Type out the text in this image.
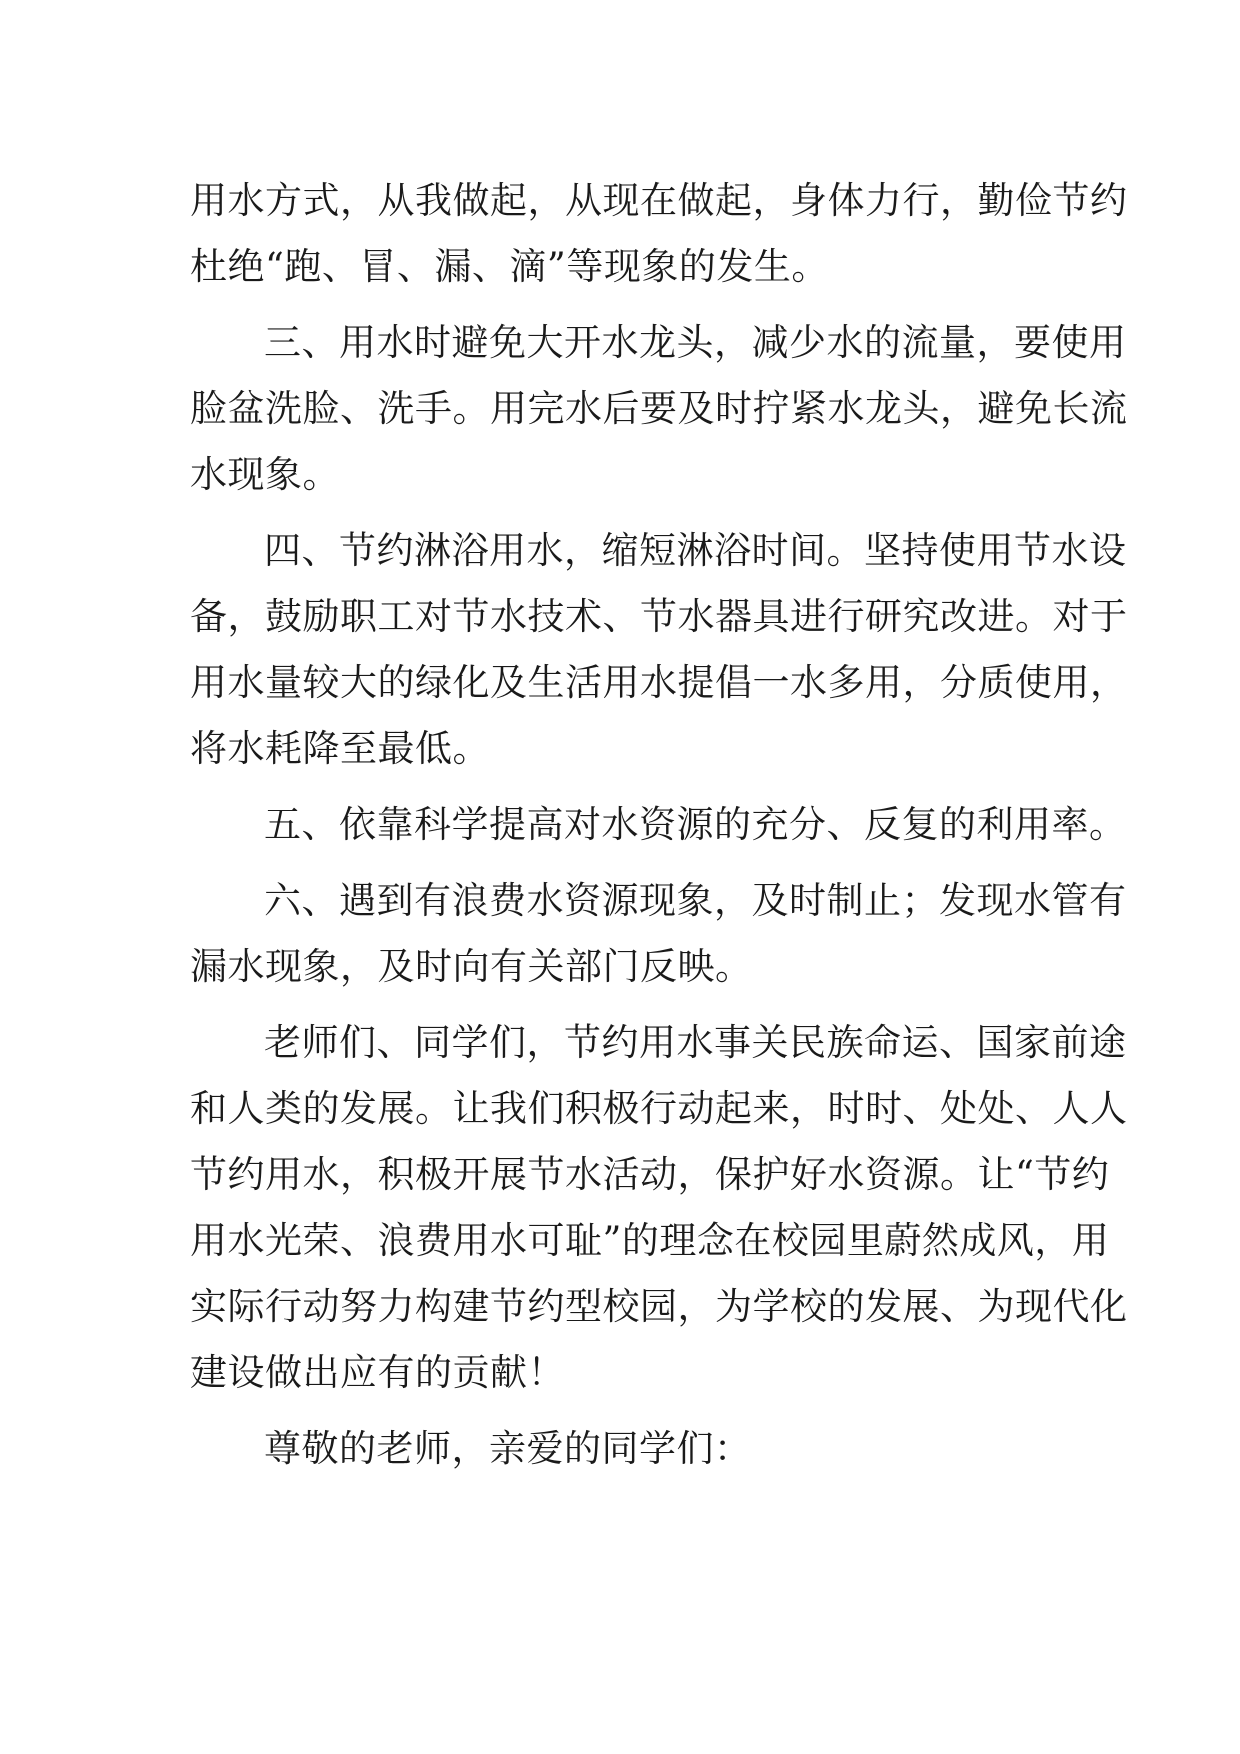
用水方式，从我做起，从现在做起，身体力行，勤俭节约
杜绝“跑、冒、漏、滴”等现象的发生。

三、用水时避免大开水龙头，减少水的流量，要使用
脸盆洗脸、洗手。用完水后要及时拧紧水龙头，避免长流
水现象。

四、节约淋浴用水，缩短淋浴时间。坚持使用节水设
备，鼓励职工对节水技术、节水器具进行研究改进。对于
用水量较大的绿化及生活用水提倡一水多用，分质使用，
将水耗降至最低。

五、依靠科学提高对水资源的充分、反复的利用率。

六、遇到有浪费水资源现象，及时制止；发现水管有
漏水现象，及时向有关部门反映。

老师们、同学们，节约用水事关民族命运、国家前途
和人类的发展。让我们积极行动起来，时时、处处、人人
节约用水，积极开展节水活动，保护好水资源。让“节约
用水光荣、浪费用水可耻”的理念在校园里蔚然成风，用
实际行动努力构建节约型校园，为学校的发展、为现代化
建设做出应有的贡献！

尊敬的老师，亲爱的同学们：
